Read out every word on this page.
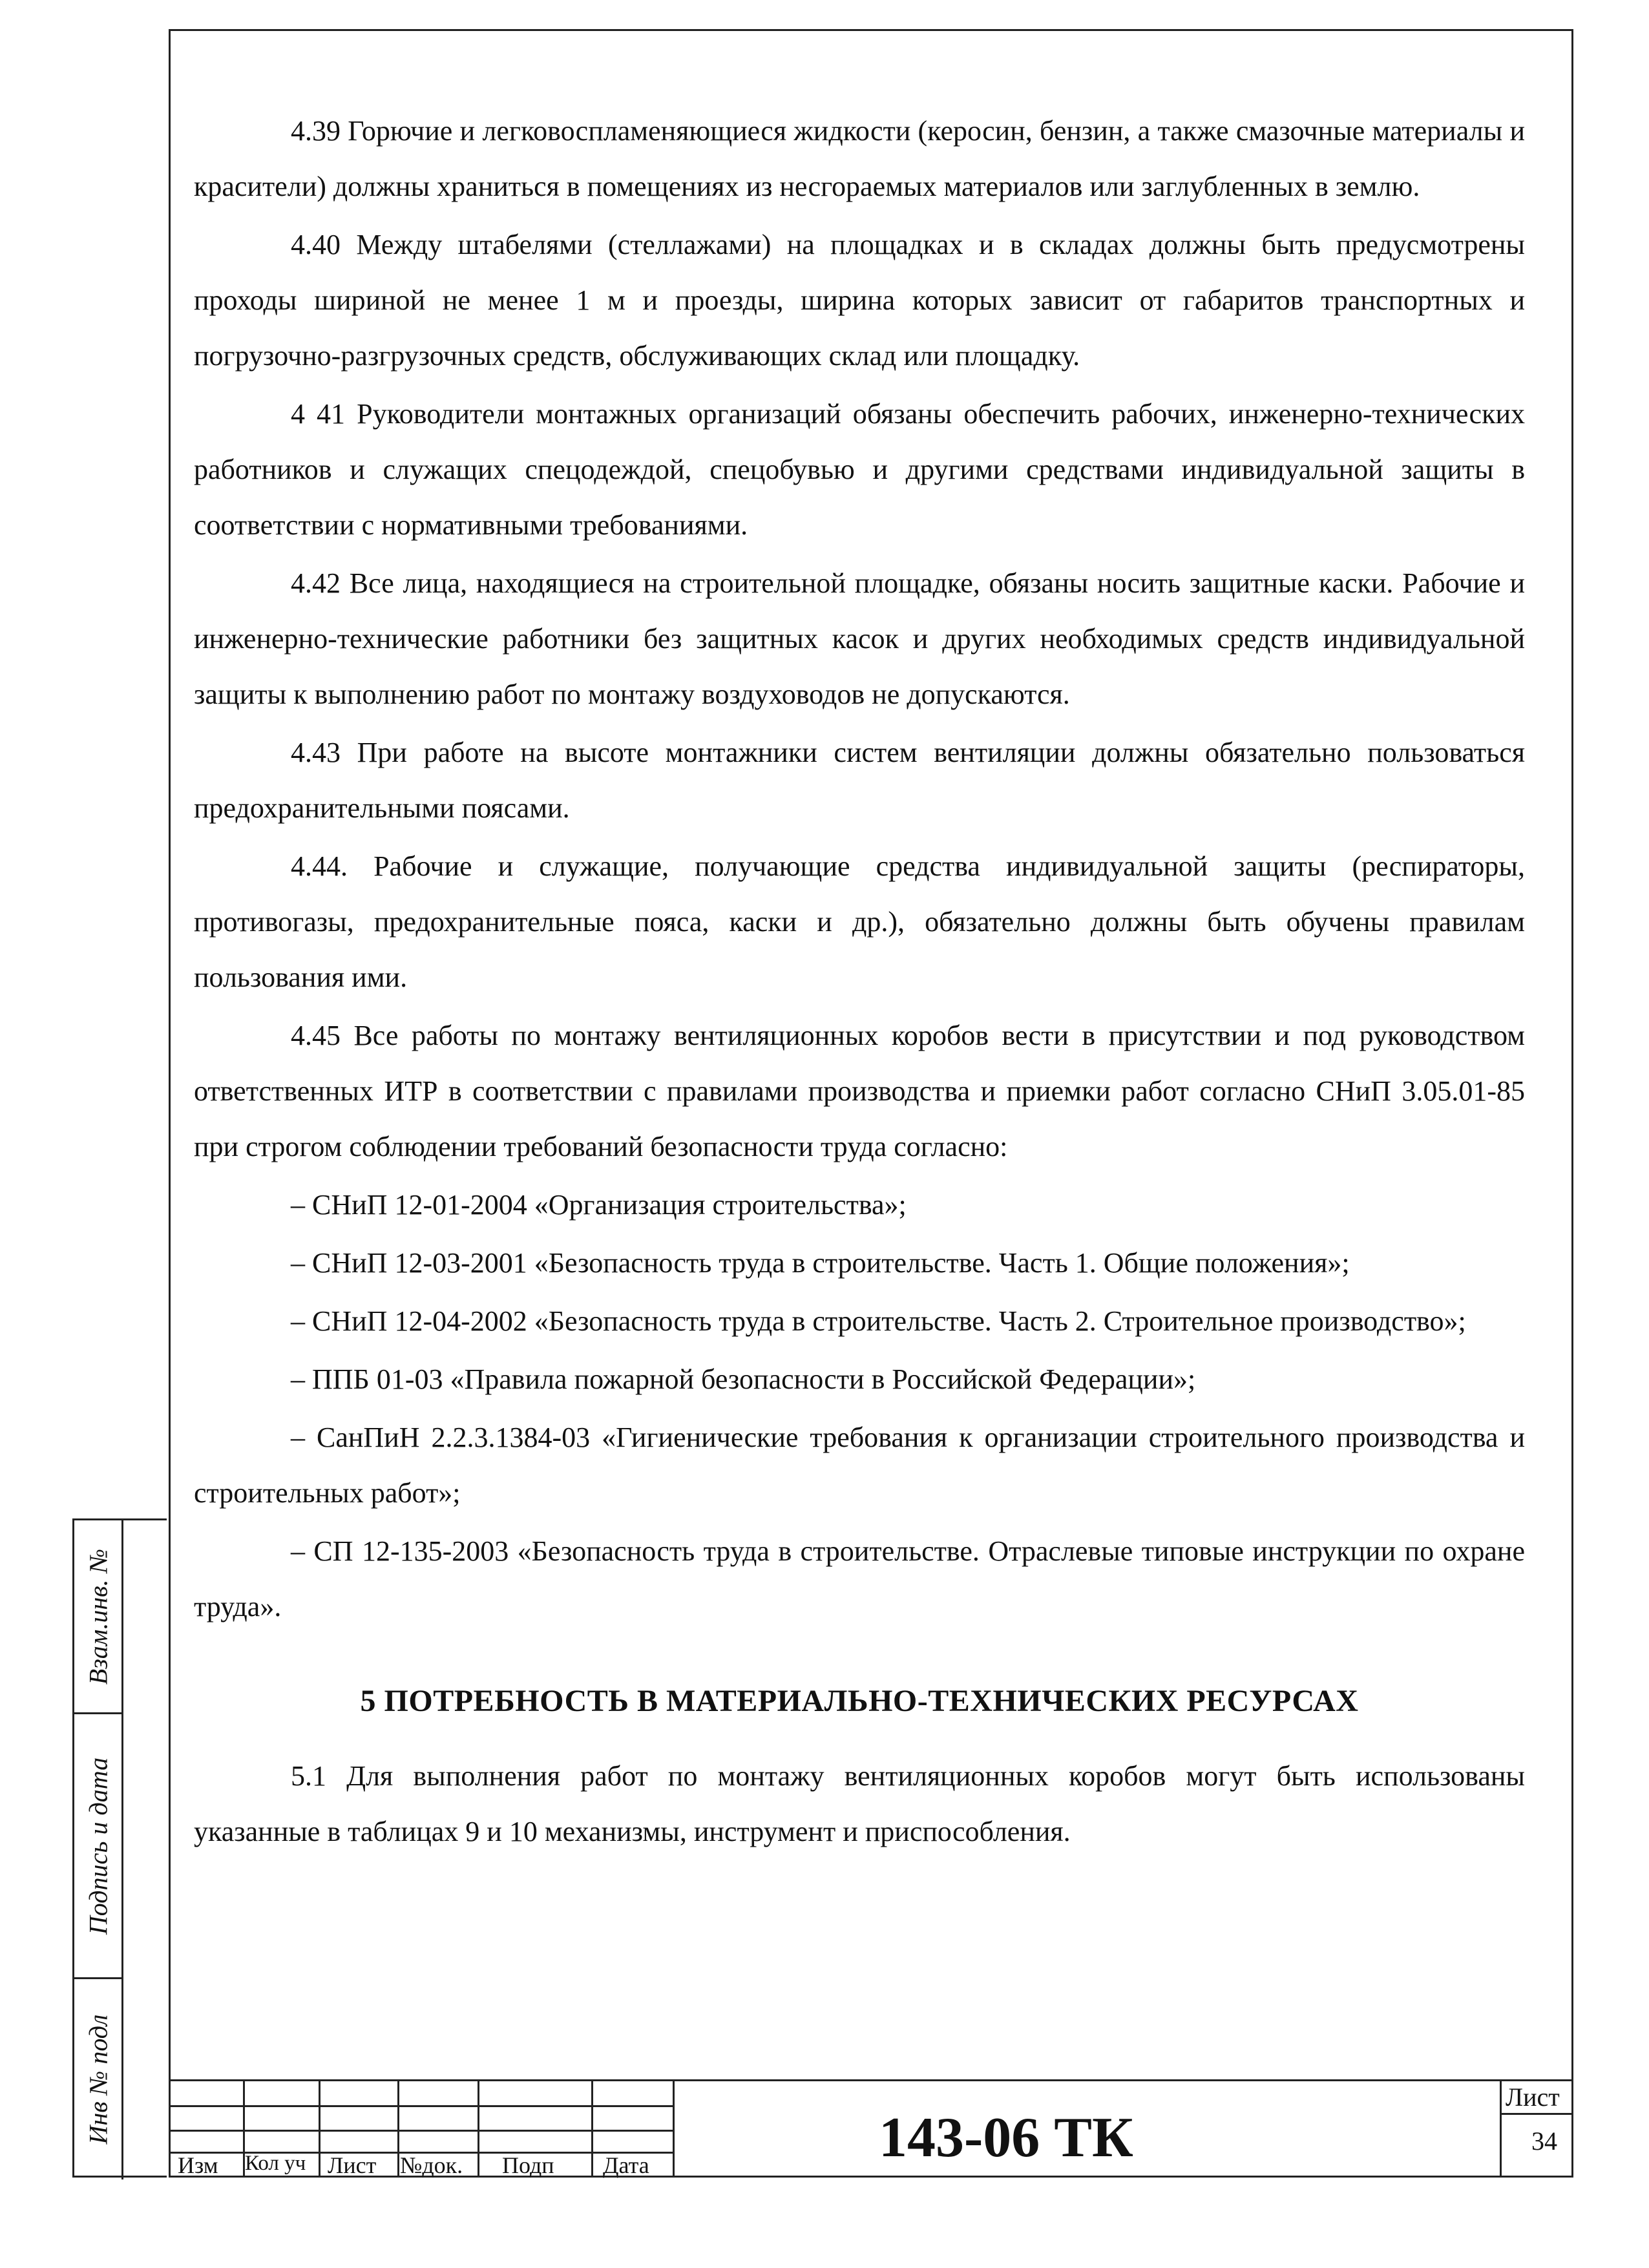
4.39 Горючие и легковоспламеняющиеся жидкости (керосин, бензин, а также смазочные материалы и красители) должны храниться в помещениях из несгораемых материалов или заглубленных в землю.

4.40 Между штабелями (стеллажами) на площадках и в складах должны быть предусмотрены проходы шириной не менее 1 м и проезды, ширина которых зависит от габаритов транспортных и погрузочно-разгрузочных средств, обслуживающих склад или площадку.

4 41 Руководители монтажных организаций обязаны обеспечить рабочих, инженерно-технических работников и служащих спецодеждой, спецобувью и другими средствами индивидуальной защиты в соответствии с нормативными требованиями.

4.42 Все лица, находящиеся на строительной площадке, обязаны носить защитные каски. Рабочие и инженерно-технические работники без защитных касок и других необходимых средств индивидуальной защиты к выполнению работ по монтажу воздуховодов не допускаются.

4.43 При работе на высоте монтажники систем вентиляции должны обязательно пользоваться предохранительными поясами.

4.44. Рабочие и служащие, получающие средства индивидуальной защиты (респираторы, противогазы, предохранительные пояса, каски и др.), обязательно должны быть обучены правилам пользования ими.

4.45 Все работы по монтажу вентиляционных коробов вести в присутствии и под руководством ответственных ИТР в соответствии с правилами производства и приемки работ согласно СНиП 3.05.01-85 при строгом соблюдении требований безопасности труда согласно:

– СНиП 12-01-2004 «Организация строительства»;

– СНиП 12-03-2001 «Безопасность труда в строительстве. Часть 1. Общие положения»;

– СНиП 12-04-2002 «Безопасность труда в строительстве. Часть 2. Строительное производство»;

– ППБ 01-03 «Правила пожарной безопасности в Российской Федерации»;

– СанПиН 2.2.3.1384-03 «Гигиенические требования к организации строительного производства и строительных работ»;

– СП 12-135-2003 «Безопасность труда в строительстве. Отраслевые типовые инструкции по охране труда».

5 ПОТРЕБНОСТЬ В МАТЕРИАЛЬНО-ТЕХНИЧЕСКИХ РЕСУРСАХ

5.1 Для выполнения работ по монтажу вентиляционных коробов могут быть использованы указанные в таблицах 9 и 10 механизмы, инструмент и приспособления.

Взам.инв. №
Подпись и дата
Инв № подл
Изм Кол уч Лист №док. Подп Дата	143-06 ТК
Лист
34
